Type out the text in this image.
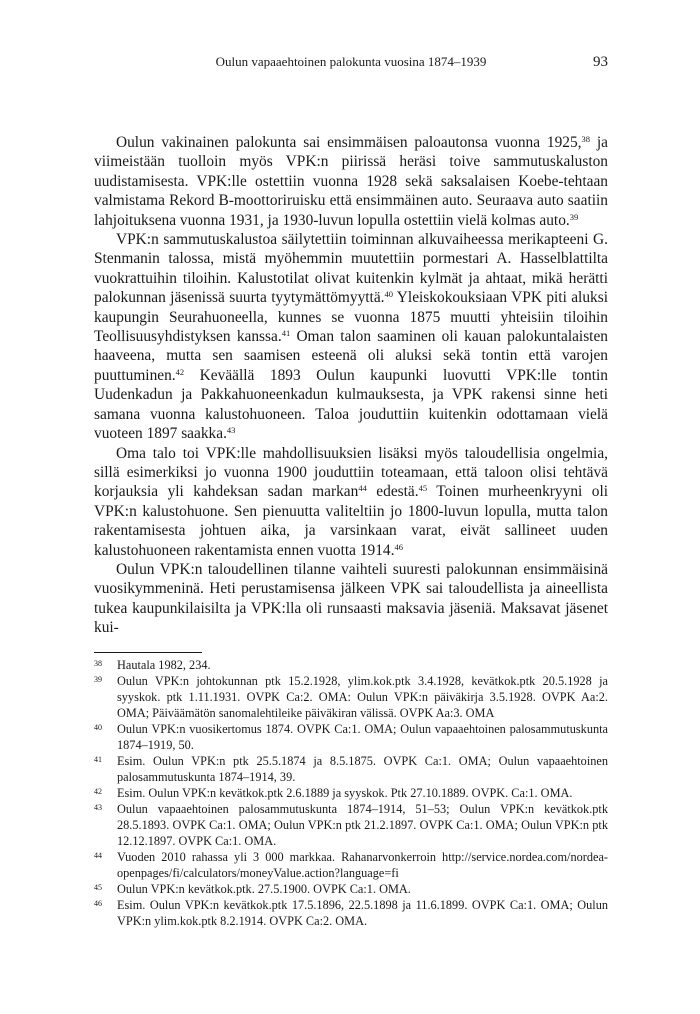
Oulun vapaaehtoinen palokunta vuosina 1874–1939	93

Oulun vakinainen palokunta sai ensimmäisen paloautonsa vuonna 1925,38 ja viimeistään tuolloin myös VPK:n piirissä heräsi toive sammutuskaluston uudistamisesta. VPK:lle ostettiin vuonna 1928 sekä saksalaisen Koebe-tehtaan valmistama Rekord B-moottoriruisku että ensimmäinen auto. Seuraava auto saatiin lahjoituksena vuonna 1931, ja 1930-luvun lopulla ostettiin vielä kolmas auto.$^{39}$

VPK:n sammutuskalustoa säilytettiin toiminnan alkuvaiheessa merikapteeni G. Stenmanin talossa, mistä myöhemmin muutettiin pormestari A. Hasselblattilta vuokrattuihin tiloihin. Kalustotilat olivat kuitenkin kylmät ja ahtaat, mikä herätti palokunnan jäsenissä suurta tyytymättömyyttä.$^{40}$ Yleiskokouksiaan VPK piti aluksi kaupungin Seurahuoneella, kunnes se vuonna 1875 muutti yhteisiin tiloihin Teollisuusyhdistyksen kanssa.$^{41}$ Oman talon saaminen oli kauan palokuntalaisten haaveena, mutta sen saamisen esteenä oli aluksi sekä tontin että varojen puuttuminen.$^{42}$ Keväällä 1893 Oulun kaupunki luovutti VPK:lle tontin Uudenkadun ja Pakkahuoneenkadun kulmauksesta, ja VPK rakensi sinne heti samana vuonna kalustohuoneen. Taloa jouduttiin kuitenkin odottamaan vielä vuoteen 1897 saakka.$^{43}$

Oma talo toi VPK:lle mahdollisuuksien lisäksi myös taloudellisia ongelmia, sillä esimerkiksi jo vuonna 1900 jouduttiin toteamaan, että taloon olisi tehtävä korjauksia yli kahdeksan sadan markan$^{44}$ edestä.$^{45}$ Toinen murheenkryyni oli VPK:n kalustohuone. Sen pienuutta valiteltiin jo 1800-luvun lopulla, mutta talon rakentamisesta johtuen aika, ja varsinkaan varat, eivät sallineet uuden kalustohuoneen rakentamista ennen vuotta 1914.46

Oulun VPK:n taloudellinen tilanne vaihteli suuresti palokunnan ensimmäisinä vuosikymmeninä. Heti perustamisensa jälkeen VPK sai taloudellista ja aineellista tukea kaupunkilaisilta ja VPK:lla oli runsaasti maksavia jäseniä. Maksavat jäsenet kui-

38	Hautala 1982, 234.
39	Oulun VPK:n johtokunnan ptk 15.2.1928, ylim.kok.ptk 3.4.1928, kevätkok.ptk 20.5.1928 ja syyskok. ptk 1.11.1931. OVPK Ca:2. OMA: Oulun VPK:n päiväkirja 3.5.1928. OVPK Aa:2. OMA; Päiväämätön sanomalehtileike päiväkiran välissä. OVPK Aa:3. OMA
40	Oulun VPK:n vuosikertomus 1874. OVPK Ca:1. OMA; Oulun vapaaehtoinen palosammutuskunta 1874–1919, 50.
41	Esim. Oulun VPK:n ptk 25.5.1874 ja 8.5.1875. OVPK Ca:1. OMA; Oulun vapaaehtoinen palosammutuskunta 1874–1914, 39.
42	Esim. Oulun VPK:n kevätkok.ptk 2.6.1889 ja syyskok. Ptk 27.10.1889. OVPK. Ca:1. OMA.
43	Oulun vapaaehtoinen palosammutuskunta 1874–1914, 51–53; Oulun VPK:n kevätkok.ptk 28.5.1893. OVPK Ca:1. OMA; Oulun VPK:n ptk 21.2.1897. OVPK Ca:1. OMA; Oulun VPK:n ptk 12.12.1897. OVPK Ca:1. OMA.
44	Vuoden 2010 rahassa yli 3 000 markkaa. Rahanarvonkerroin http://service.nordea.com/nordea-openpages/fi/calculators/moneyValue.action?language=fi
45	Oulun VPK:n kevätkok.ptk. 27.5.1900. OVPK Ca:1. OMA.
46	Esim. Oulun VPK:n kevätkok.ptk 17.5.1896, 22.5.1898 ja 11.6.1899. OVPK Ca:1. OMA; Oulun VPK:n ylim.kok.ptk 8.2.1914. OVPK Ca:2. OMA.
